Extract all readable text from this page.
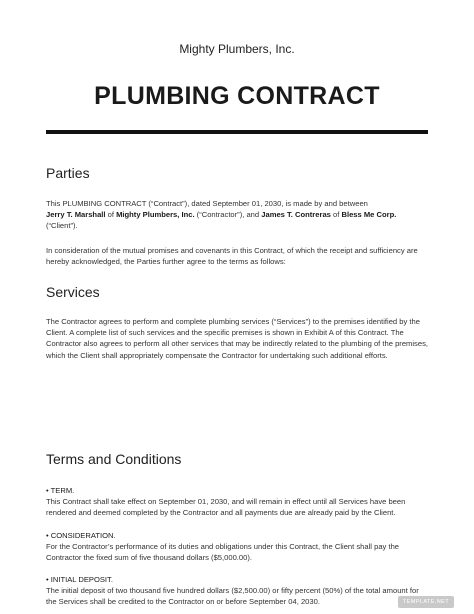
Mighty Plumbers, Inc.
PLUMBING CONTRACT
Parties
This PLUMBING CONTRACT (“Contract”), dated September 01, 2030, is made by and between
Jerry T. Marshall of Mighty Plumbers, Inc. (“Contractor”), and James T. Contreras of Bless Me Corp.
(“Client”).
In consideration of the mutual promises and covenants in this Contract, of which the receipt and sufficiency are hereby acknowledged, the Parties further agree to the terms as follows:
Services
The Contractor agrees to perform and complete plumbing services (“Services”) to the premises identified by the Client. A complete list of such services and the specific premises is shown in Exhibit A of this Contract. The Contractor also agrees to perform all other services that may be indirectly related to the plumbing of the premises, which the Client shall appropriately compensate the Contractor for undertaking such additional efforts.
Terms and Conditions
• TERM.
This Contract shall take effect on September 01, 2030, and will remain in effect until all Services have been rendered and deemed completed by the Contractor and all payments due are already paid by the Client.
• CONSIDERATION.
For the Contractor’s performance of its duties and obligations under this Contract, the Client shall pay the Contractor the fixed sum of five thousand dollars ($5,000.00).
• INITIAL DEPOSIT.
The initial deposit of two thousand five hundred dollars ($2,500.00) or fifty percent (50%) of the total amount for the Services shall be credited to the Contractor on or before September 04, 2030.	TEMPLATE.NET
